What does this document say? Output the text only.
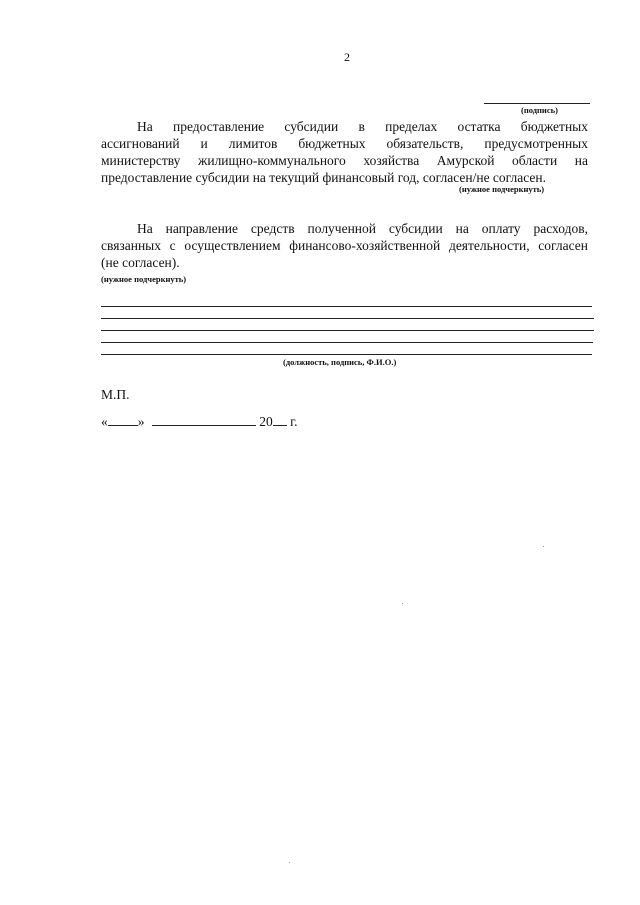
2
(подпись)
На предоставление субсидии в пределах остатка бюджетных
ассигнований и лимитов бюджетных обязательств, предусмотренных
министерству жилищно-коммунального хозяйства Амурской области на
предоставление субсидии на текущий финансовый год, согласен/не согласен.
(нужное подчеркнуть)
На направление средств полученной субсидии на оплату расходов,
связанных с осуществлением финансово-хозяйственной деятельности, согласен
(не согласен).
(нужное подчеркнуть)
(должность, подпись, Ф.И.О.)
М.П.
« »	20 г.
